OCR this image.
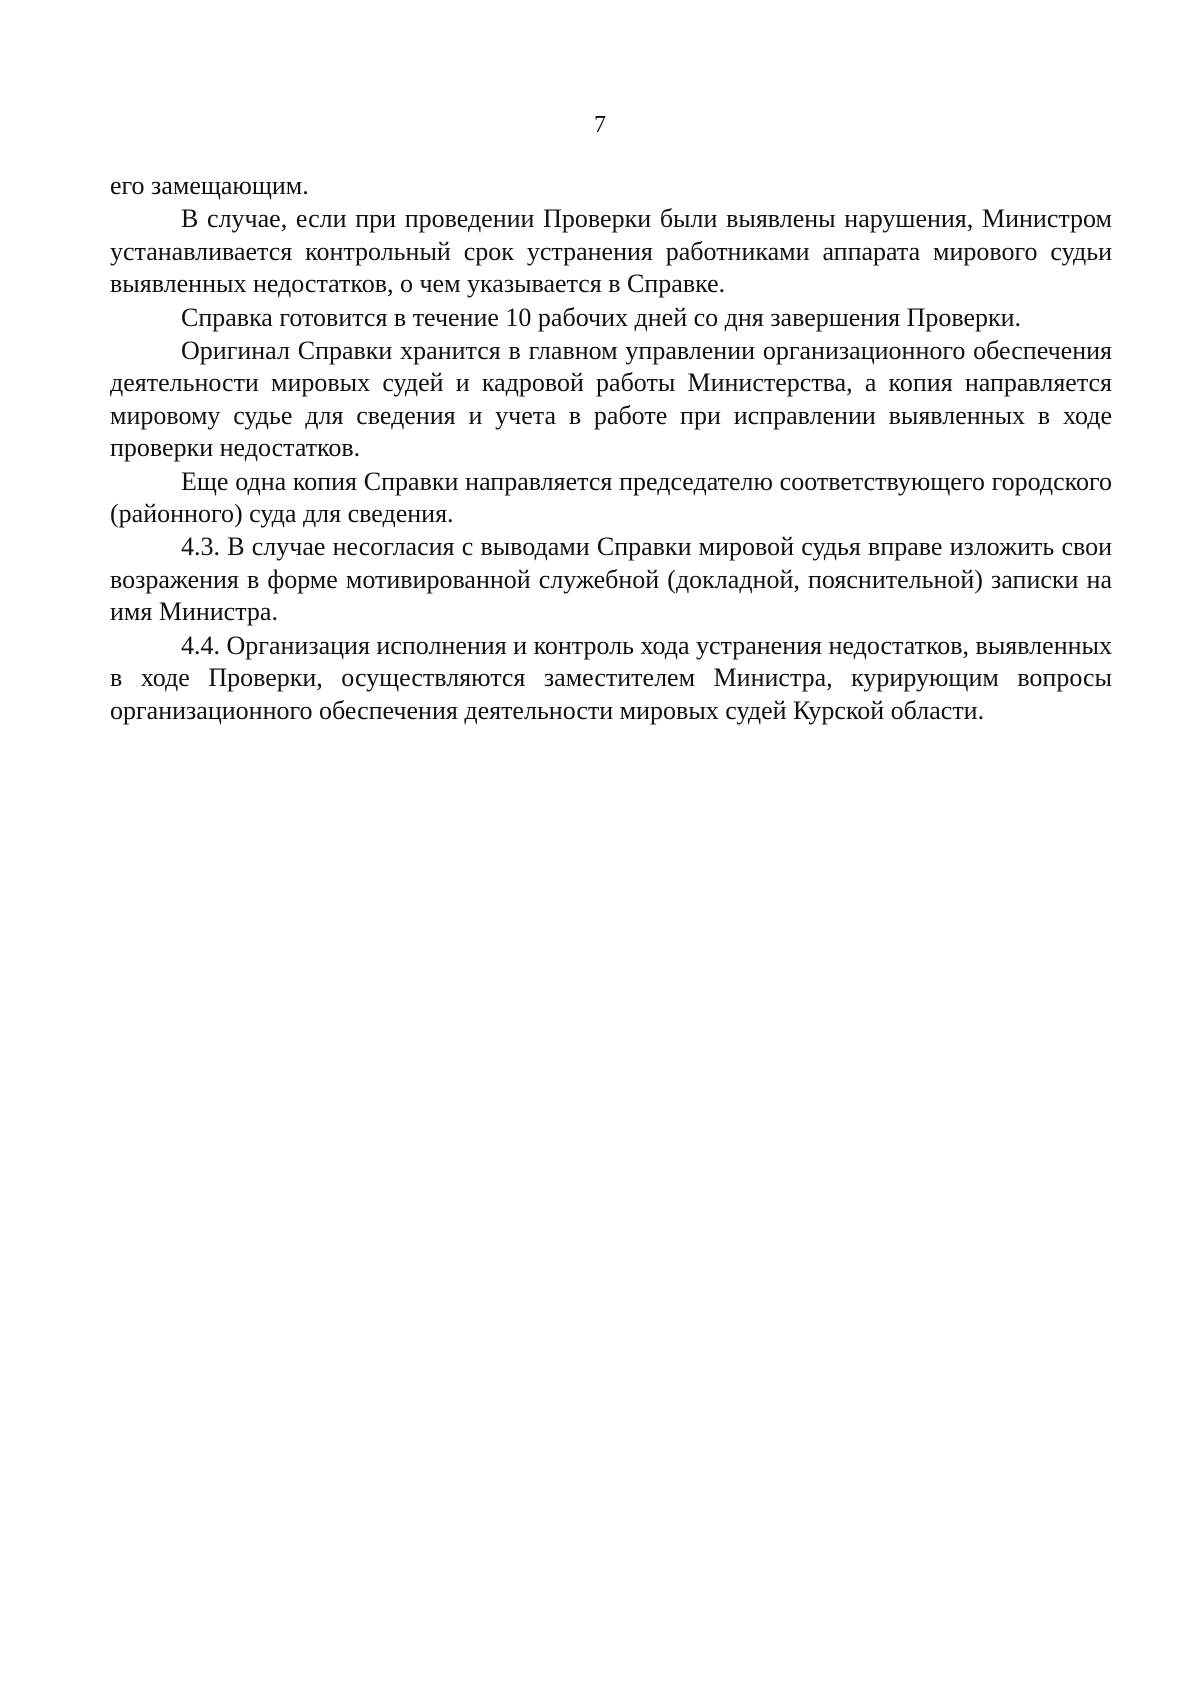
7

его замещающим.

В случае, если при проведении Проверки были выявлены нарушения, Министром устанавливается контрольный срок устранения работниками аппарата мирового судьи выявленных недостатков, о чем указывается в Справке.

Справка готовится в течение 10 рабочих дней со дня завершения Проверки.

Оригинал Справки хранится в главном управлении организационного обеспечения деятельности мировых судей и кадровой работы Министерства, а копия направляется мировому судье для сведения и учета в работе при исправлении выявленных в ходе проверки недостатков.

Еще одна копия Справки направляется председателю соответствующего городского (районного) суда для сведения.

4.3. В случае несогласия с выводами Справки мировой судья вправе изложить свои возражения в форме мотивированной служебной (докладной, пояснительной) записки на имя Министра.

4.4. Организация исполнения и контроль хода устранения недостатков, выявленных в ходе Проверки, осуществляются заместителем Министра, курирующим вопросы организационного обеспечения деятельности мировых судей Курской области.
